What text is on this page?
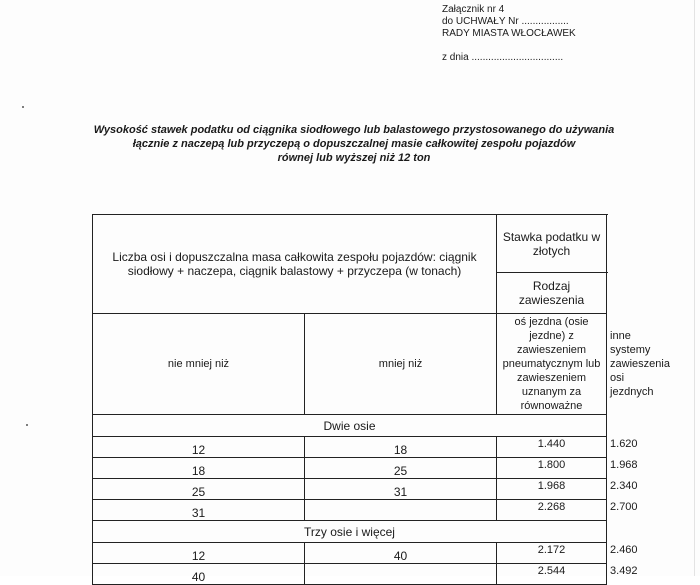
Załącznik nr 4
do UCHWAŁY Nr .................
RADY MIASTA WŁOCŁAWEK
z dnia .................................
Wysokość stawek podatku od ciągnika siodłowego lub balastowego przystosowanego do używania
łącznie z naczepą lub przyczepą o dopuszczalnej masie całkowitej zespołu pojazdów
równej lub wyższej niż 12 ton
Liczba osi i dopuszczalna masa całkowita zespołu pojazdów: ciągnik siodłowy + naczepa, ciągnik balastowy + przyczepa (w tonach)		Stawka podatku w złotych	
		Rodzaj zawieszenia	
nie mniej niż	mniej niż	oś jezdna (osie jezdne) z zawieszeniem pneumatycznym lub zawieszeniem uznanym za równoważne	inne systemy zawieszenia osi jezdnych
Dwie osie			
12	18	1.440	1.620
18	25	1.800	1.968
25	31	1.968	2.340
31		2.268	2.700
Trzy osie i więcej			
12	40	2.172	2.460
40		2.544	3.492
